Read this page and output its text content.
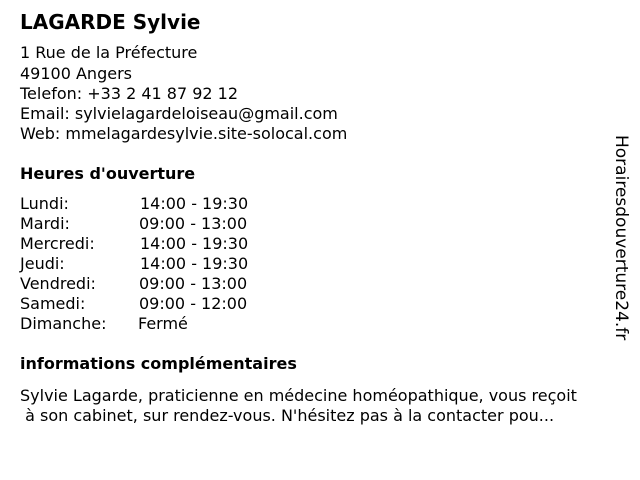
LAGARDE Sylvie
1 Rue de la Préfecture
49100 Angers
Telefon: +33 2 41 87 92 12
Email: sylvielagardeloiseau@gmail.com
Web: mmelagardesylvie.site-solocal.com
Heures d'ouverture
Lundi:	14:00 - 19:30
Mardi:	09:00 - 13:00
Mercredi:	14:00 - 19:30
Jeudi:	14:00 - 19:30
Vendredi:	09:00 - 13:00
Samedi:	09:00 - 12:00
Dimanche: Fermé
informations complémentaires
Sylvie Lagarde, praticienne en médecine homéopathique, vous reçoit
à son cabinet, sur rendez-vous. N'hésitez pas à la contacter pou...
Horairesdouverture24.fr
